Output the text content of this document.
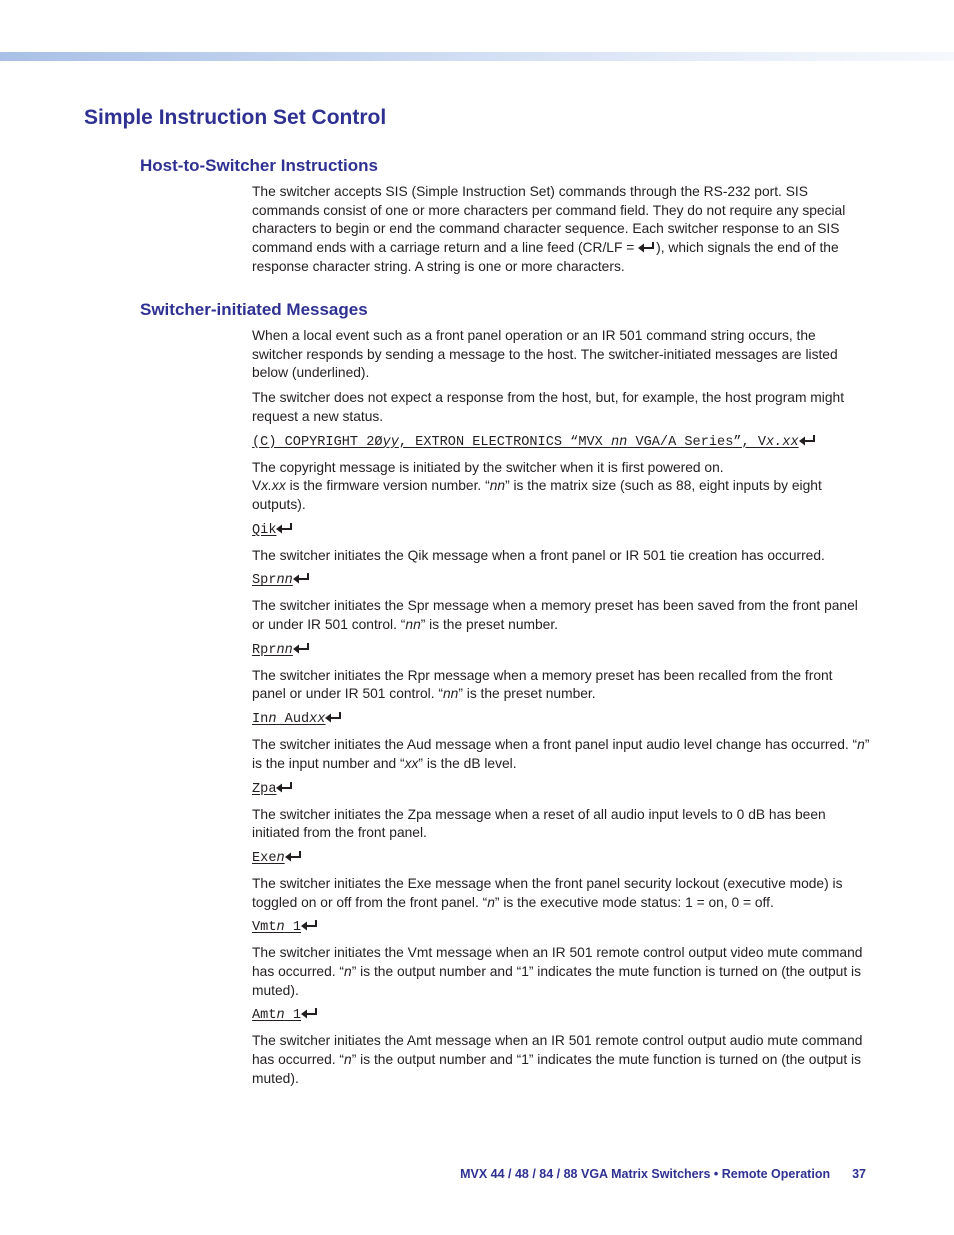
Simple Instruction Set Control
Host-to-Switcher Instructions

The switcher accepts SIS (Simple Instruction Set) commands through the RS-232 port. SIS commands consist of one or more characters per command field. They do not require any special characters to begin or end the command character sequence. Each switcher response to an SIS command ends with a carriage return and a line feed (CR/LF =
), which signals the end of the response character string. A string is one or more characters.

Switcher-initiated Messages

When a local event such as a front panel operation or an IR 501 command string occurs, the switcher responds by sending a message to the host. The switcher-initiated messages are listed below (underlined).

The switcher does not expect a response from the host, but, for example, the host program might request a new status.

(C) COPYRIGHT 2Øyy, EXTRON ELECTRONICS “MVX nn VGA/A Series”, Vx.xx

The copyright message is initiated by the switcher when it is first powered on.
Vx.xx is the firmware version number. “nn” is the matrix size (such as 88, eight inputs by eight outputs).

Qik

The switcher initiates the Qik message when a front panel or IR 501 tie creation has occurred.

Sprnn

The switcher initiates the Spr message when a memory preset has been saved from the front panel or under IR 501 control. “nn” is the preset number.

Rprnn

The switcher initiates the Rpr message when a memory preset has been recalled from the front panel or under IR 501 control. “nn” is the preset number.

Inn Audxx

The switcher initiates the Aud message when a front panel input audio level change has occurred. “n” is the input number and “xx” is the dB level.

Zpa

The switcher initiates the Zpa message when a reset of all audio input levels to 0 dB has been initiated from the front panel.

Exen

The switcher initiates the Exe message when the front panel security lockout (executive mode) is toggled on or off from the front panel. “n” is the executive mode status: 1 = on, 0 = off.

Vmtn 1

The switcher initiates the Vmt message when an IR 501 remote control output video mute command has occurred. “n” is the output number and “1” indicates the mute function is turned on (the output is muted).

Amtn 1

The switcher initiates the Amt message when an IR 501 remote control output audio mute command has occurred. “n” is the output number and “1” indicates the mute function is turned on (the output is muted).

MVX 44 / 48 / 84 / 88 VGA Matrix Switchers • Remote Operation 37
